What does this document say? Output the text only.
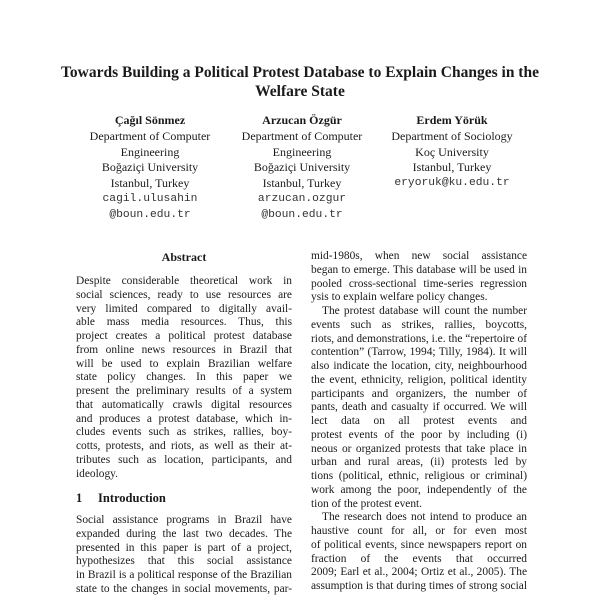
Towards Building a Political Protest Database to Explain Changes in the
Welfare State
Çağıl Sönmez
Department of Computer
Engineering
Boğaziçi University
Istanbul, Turkey
cagil.ulusahin
@boun.edu.tr
Arzucan Özgür
Department of Computer
Engineering
Boğaziçi University
Istanbul, Turkey
arzucan.ozgur
@boun.edu.tr
Erdem Yörük
Department of Sociology
Koç University
Istanbul, Turkey
eryoruk@ku.edu.tr
Abstract
Despite considerable theoretical work in
social sciences, ready to use resources are
very limited compared to digitally avail-
able mass media resources. Thus, this
project creates a political protest database
from online news resources in Brazil that
will be used to explain Brazilian welfare
state policy changes. In this paper we
present the preliminary results of a system
that automatically crawls digital resources
and produces a protest database, which in-
cludes events such as strikes, rallies, boy-
cotts, protests, and riots, as well as their at-
tributes such as location, participants, and
ideology.
1 Introduction
Social assistance programs in Brazil have
expanded during the last two decades. The
presented in this paper is part of a project,
hypothesizes that this social assistance
in Brazil is a political response of the Brazilian
state to the changes in social movements, par-
mid-1980s, when new social assistance
began to emerge. This database will be used in
pooled cross-sectional time-series regression
ysis to explain welfare policy changes.
The protest database will count the number
events such as strikes, rallies, boycotts,
riots, and demonstrations, i.e. the “repertoire of
contention” (Tarrow, 1994; Tilly, 1984). It will
also indicate the location, city, neighbourhood
the event, ethnicity, religion, political identity
participants and organizers, the number of
pants, death and casualty if occurred. We will
lect data on all protest events and
protest events of the poor by including (i)
neous or organized protests that take place in
urban and rural areas, (ii) protests led by
tions (political, ethnic, religious or criminal)
work among the poor, independently of the
tion of the protest event.
The research does not intend to produce an
haustive count for all, or for even most
of political events, since newspapers report on
fraction of the events that occurred
2009; Earl et al., 2004; Ortiz et al., 2005). The
assumption is that during times of strong social
